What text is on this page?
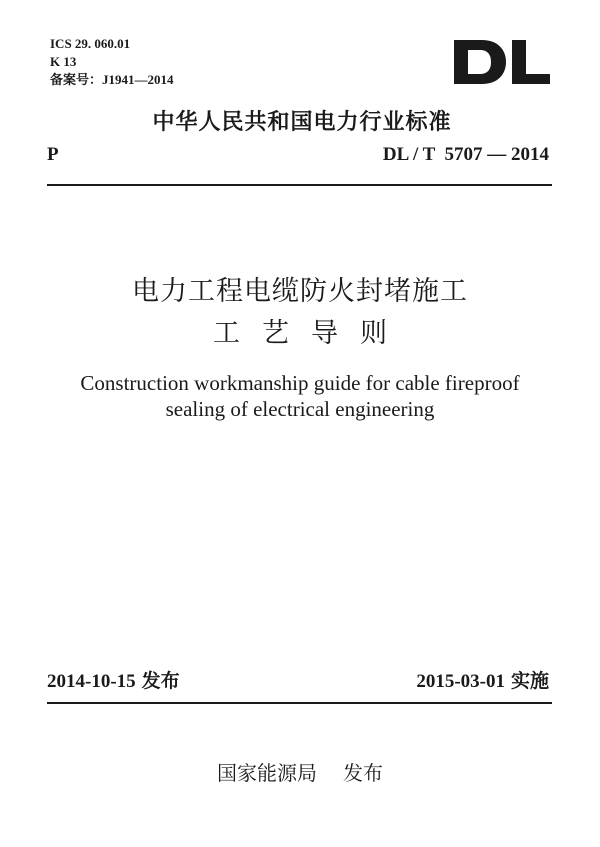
ICS 29. 060.01
K 13
备案号：J1941—2014
中华人民共和国电力行业标准
P	DL / T  5707 — 2014
电力工程电缆防火封堵施工
工艺导则
Construction workmanship guide for cable fireproof
sealing of electrical engineering
2014-10-15 发布	2015-03-01 实施
国家能源局 发布
